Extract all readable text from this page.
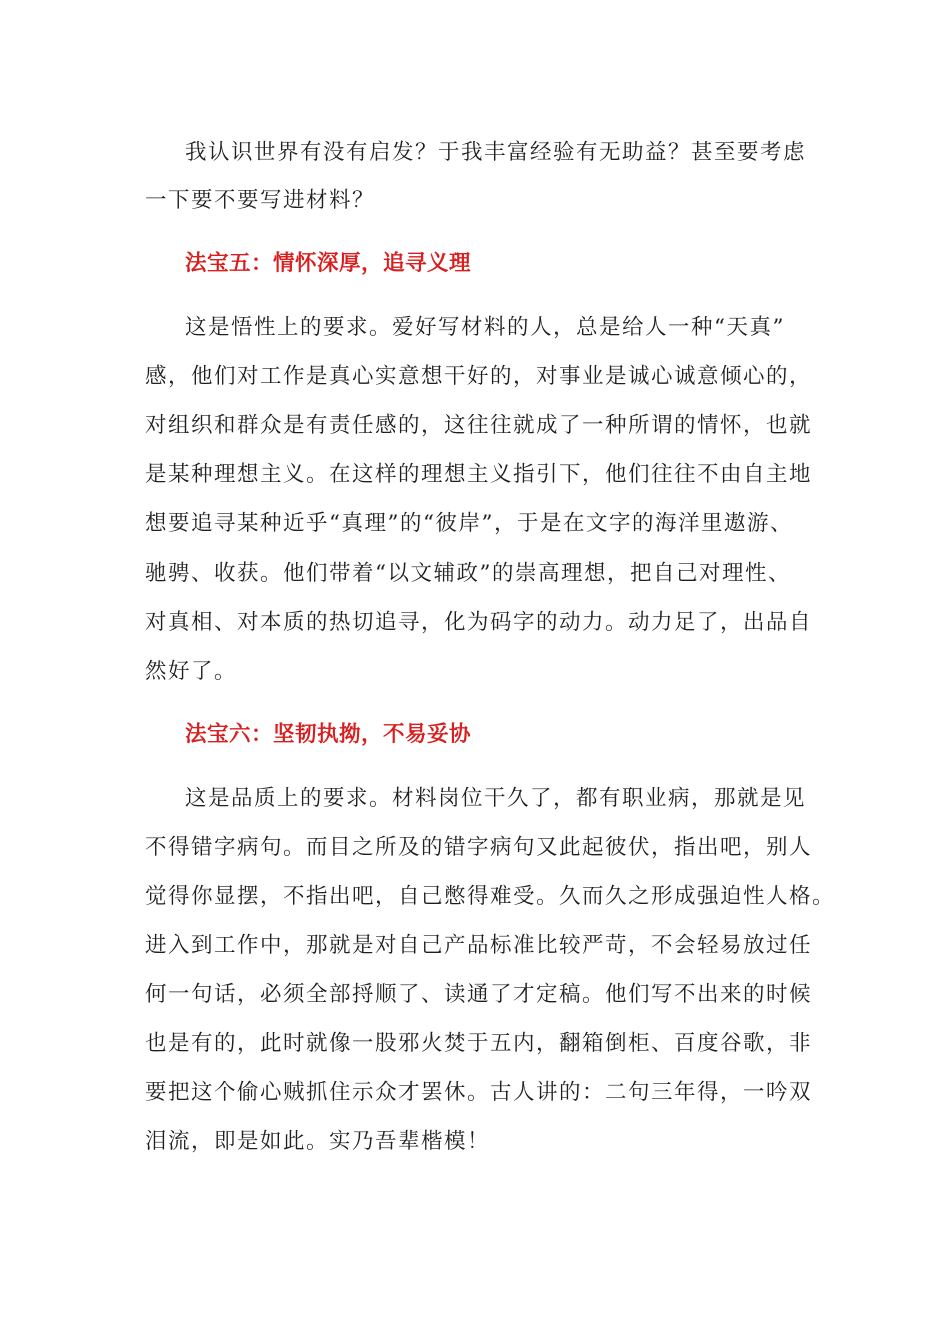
我认识世界有没有启发？于我丰富经验有无助益？甚至要考虑
一下要不要写进材料？
法宝五：情怀深厚，追寻义理
这是悟性上的要求。爱好写材料的人，总是给人一种“天真”
感，他们对工作是真心实意想干好的，对事业是诚心诚意倾心的，
对组织和群众是有责任感的，这往往就成了一种所谓的情怀，也就
是某种理想主义。在这样的理想主义指引下，他们往往不由自主地
想要追寻某种近乎“真理”的“彼岸”，于是在文字的海洋里遨游、
驰骋、收获。他们带着“以文辅政”的崇高理想，把自己对理性、
对真相、对本质的热切追寻，化为码字的动力。动力足了，出品自
然好了。
法宝六：坚韧执拗，不易妥协
这是品质上的要求。材料岗位干久了，都有职业病，那就是见
不得错字病句。而目之所及的错字病句又此起彼伏，指出吧，别人
觉得你显摆，不指出吧，自己憋得难受。久而久之形成强迫性人格。
进入到工作中，那就是对自己产品标准比较严苛，不会轻易放过任
何一句话，必须全部捋顺了、读通了才定稿。他们写不出来的时候
也是有的，此时就像一股邪火焚于五内，翻箱倒柜、百度谷歌，非
要把这个偷心贼抓住示众才罢休。古人讲的：二句三年得，一吟双
泪流，即是如此。实乃吾辈楷模！
